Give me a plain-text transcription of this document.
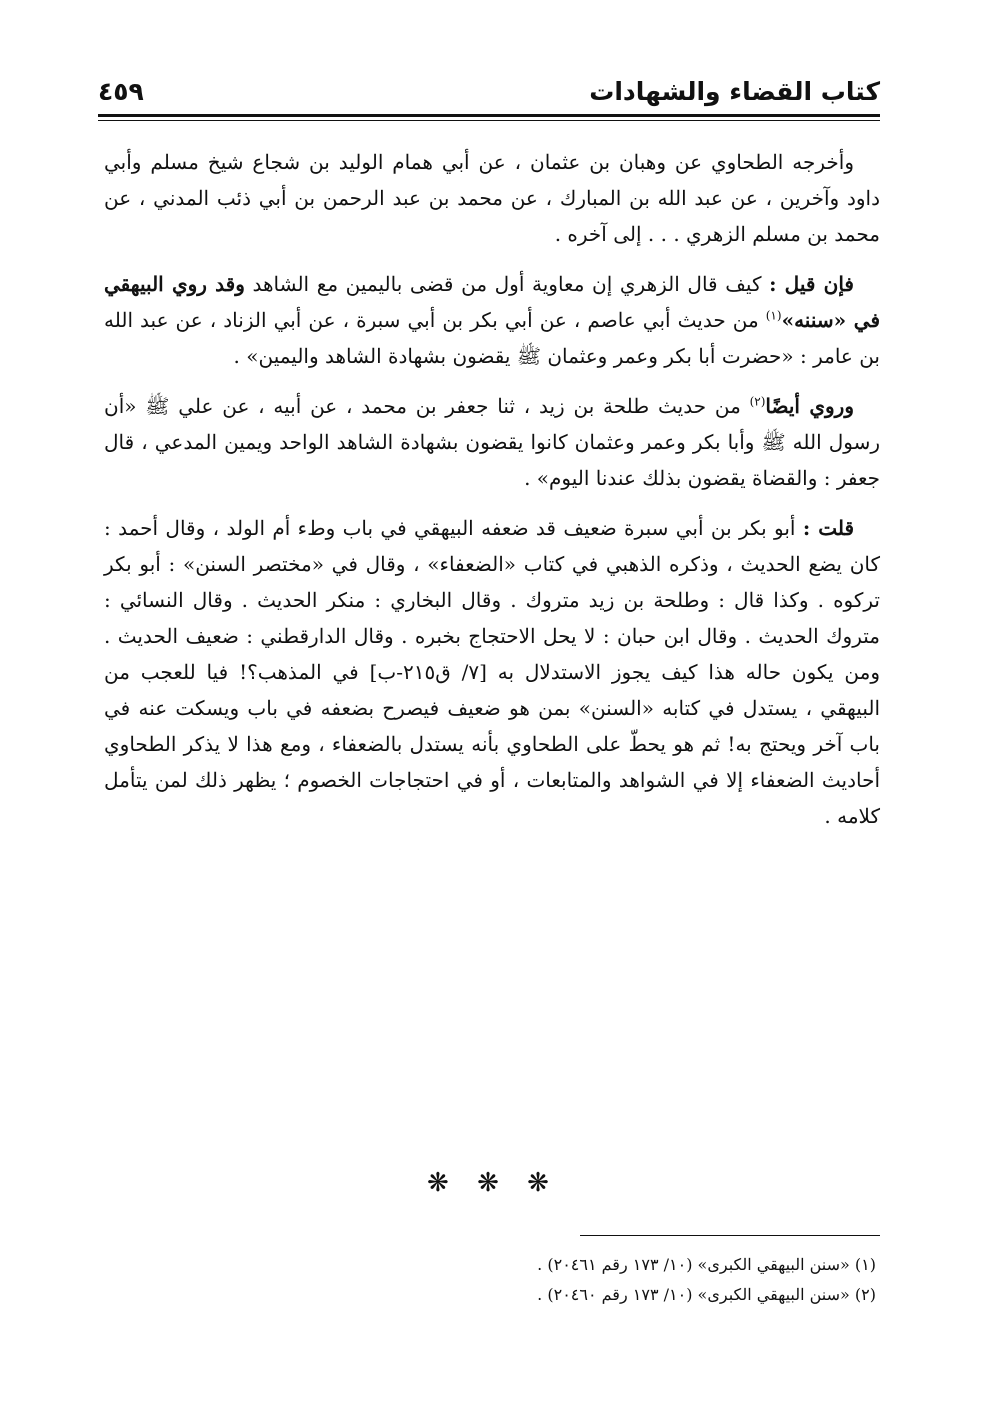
كتاب القضاء والشهادات
٤٥٩

وأخرجه الطحاوي عن وهبان بن عثمان ، عن أبي همام الوليد بن شجاع شيخ مسلم وأبي داود وآخرين ، عن عبد الله بن المبارك ، عن محمد بن عبد الرحمن بن أبي ذئب المدني ، عن محمد بن مسلم الزهري . . . إلى آخره .

فإن قيل : كيف قال الزهري إن معاوية أول من قضى باليمين مع الشاهد وقد روي البيهقي في «سننه»$^{(١)}$ من حديث أبي عاصم ، عن أبي بكر بن أبي سبرة ، عن أبي الزناد ، عن عبد الله بن عامر : «حضرت أبا بكر وعمر وعثمان ﷺ يقضون بشهادة الشاهد واليمين» .

وروي أيضًا$^{(٢)}$ من حديث طلحة بن زيد ، ثنا جعفر بن محمد ، عن أبيه ، عن علي ﷺ «أن رسول الله ﷺ وأبا بكر وعمر وعثمان كانوا يقضون بشهادة الشاهد الواحد ويمين المدعي ، قال جعفر : والقضاة يقضون بذلك عندنا اليوم» .

قلت : أبو بكر بن أبي سبرة ضعيف قد ضعفه البيهقي في باب وطء أم الولد ، وقال أحمد : كان يضع الحديث ، وذكره الذهبي في كتاب «الضعفاء» ، وقال في «مختصر السنن» : أبو بكر تركوه . وكذا قال : وطلحة بن زيد متروك . وقال البخاري : منكر الحديث . وقال النسائي : متروك الحديث . وقال ابن حبان : لا يحل الاحتجاج بخبره . وقال الدارقطني : ضعيف الحديث . ومن يكون حاله هذا كيف يجوز الاستدلال به [٧/ ق٢١٥-ب] في المذهب؟! فيا للعجب من البيهقي ، يستدل في كتابه «السنن» بمن هو ضعيف فيصرح بضعفه في باب ويسكت عنه في باب آخر ويحتج به! ثم هو يحطّ على الطحاوي بأنه يستدل بالضعفاء ، ومع هذا لا يذكر الطحاوي أحاديث الضعفاء إلا في الشواهد والمتابعات ، أو في احتجاجات الخصوم ؛ يظهر ذلك لمن يتأمل كلامه .

❋ ❋ ❋

(١) «سنن البيهقي الكبرى» (١٠/ ١٧٣ رقم ٢٠٤٦١) .

(٢) «سنن البيهقي الكبرى» (١٠/ ١٧٣ رقم ٢٠٤٦٠) .
